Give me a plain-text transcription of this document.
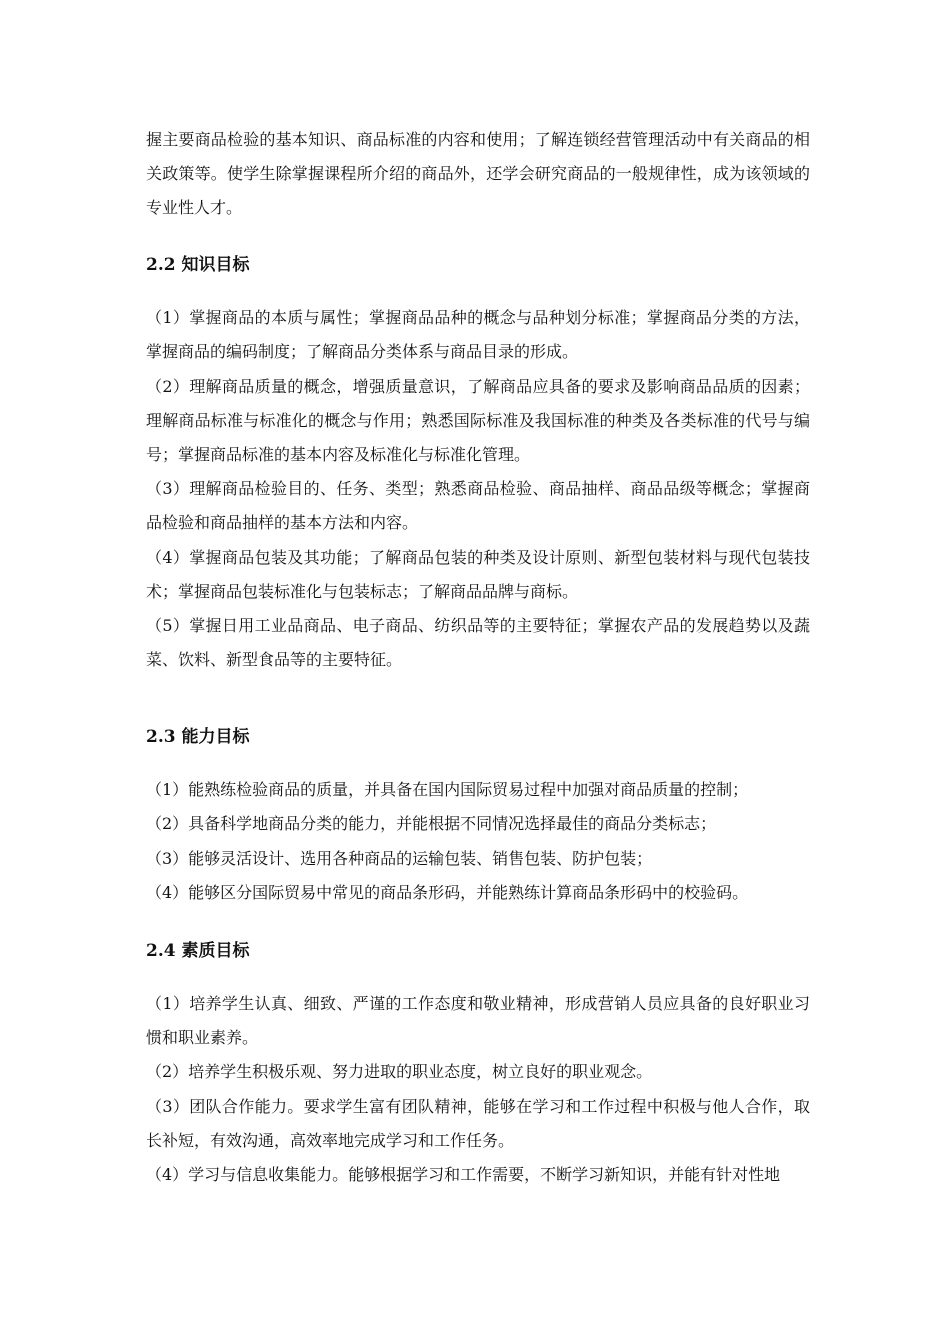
握主要商品检验的基本知识、商品标准的内容和使用；了解连锁经营管理活动中有关商品的相关政策等。使学生除掌握课程所介绍的商品外，还学会研究商品的一般规律性，成为该领域的专业性人才。

2.2 知识目标

（1）掌握商品的本质与属性；掌握商品品种的概念与品种划分标准；掌握商品分类的方法，掌握商品的编码制度；了解商品分类体系与商品目录的形成。

（2）理解商品质量的概念，增强质量意识，了解商品应具备的要求及影响商品品质的因素；理解商品标准与标准化的概念与作用；熟悉国际标准及我国标准的种类及各类标准的代号与编号；掌握商品标准的基本内容及标准化与标准化管理。

（3）理解商品检验目的、任务、类型；熟悉商品检验、商品抽样、商品品级等概念；掌握商品检验和商品抽样的基本方法和内容。

（4）掌握商品包装及其功能；了解商品包装的种类及设计原则、新型包装材料与现代包装技术；掌握商品包装标准化与包装标志；了解商品品牌与商标。

（5）掌握日用工业品商品、电子商品、纺织品等的主要特征；掌握农产品的发展趋势以及蔬菜、饮料、新型食品等的主要特征。

2.3 能力目标

（1）能熟练检验商品的质量，并具备在国内国际贸易过程中加强对商品质量的控制；

（2）具备科学地商品分类的能力，并能根据不同情况选择最佳的商品分类标志；

（3）能够灵活设计、选用各种商品的运输包装、销售包装、防护包装；

（4）能够区分国际贸易中常见的商品条形码，并能熟练计算商品条形码中的校验码。

2.4 素质目标

（1）培养学生认真、细致、严谨的工作态度和敬业精神，形成营销人员应具备的良好职业习惯和职业素养。

（2）培养学生积极乐观、努力进取的职业态度，树立良好的职业观念。

（3）团队合作能力。要求学生富有团队精神，能够在学习和工作过程中积极与他人合作，取长补短，有效沟通，高效率地完成学习和工作任务。

（4）学习与信息收集能力。能够根据学习和工作需要，不断学习新知识，并能有针对性地
